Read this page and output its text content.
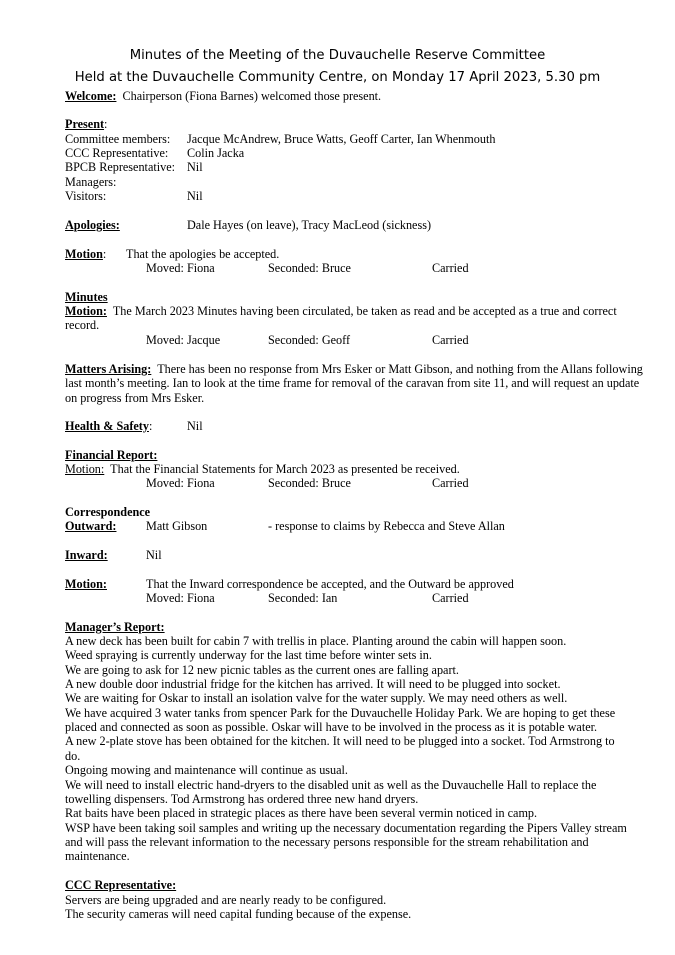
Minutes of the Meeting of the Duvauchelle Reserve Committee
Held at the Duvauchelle Community Centre, on Monday 17 April 2023, 5.30 pm
Welcome: Chairperson (Fiona Barnes) welcomed those present.
Present:
Committee members: Jacque McAndrew, Bruce Watts, Geoff Carter, Ian Whenmouth
CCC Representative: Colin Jacka
BPCB Representative: Nil
Managers:
Visitors:	Nil
Apologies:	Dale Hayes (on leave), Tracy MacLeod (sickness)
Motion: That the apologies be accepted.
Moved: Fiona	Seconded: Bruce	Carried
Minutes
Motion: The March 2023 Minutes having been circulated, be taken as read and be accepted as a true and correct record.
Moved: Jacque	Seconded: Geoff	Carried
Matters Arising: There has been no response from Mrs Esker or Matt Gibson, and nothing from the Allans following last month’s meeting. Ian to look at the time frame for removal of the caravan from site 11, and will request an update on progress from Mrs Esker.
Health & Safety:	Nil
Financial Report:
Motion: That the Financial Statements for March 2023 as presented be received.
Moved: Fiona	Seconded: Bruce	Carried
Correspondence
Outward: Matt Gibson	- response to claims by Rebecca and Steve Allan
Inward:	Nil
Motion:	That the Inward correspondence be accepted, and the Outward be approved
Moved: Fiona	Seconded: Ian	Carried
Manager’s Report:
A new deck has been built for cabin 7 with trellis in place. Planting around the cabin will happen soon.
Weed spraying is currently underway for the last time before winter sets in.
We are going to ask for 12 new picnic tables as the current ones are falling apart.
A new double door industrial fridge for the kitchen has arrived. It will need to be plugged into socket.
We are waiting for Oskar to install an isolation valve for the water supply. We may need others as well.
We have acquired 3 water tanks from spencer Park for the Duvauchelle Holiday Park. We are hoping to get these
placed and connected as soon as possible. Oskar will have to be involved in the process as it is potable water.
A new 2-plate stove has been obtained for the kitchen. It will need to be plugged into a socket. Tod Armstrong to
do.
Ongoing mowing and maintenance will continue as usual.
We will need to install electric hand-dryers to the disabled unit as well as the Duvauchelle Hall to replace the
towelling dispensers. Tod Armstrong has ordered three new hand dryers.
Rat baits have been placed in strategic places as there have been several vermin noticed in camp.
WSP have been taking soil samples and writing up the necessary documentation regarding the Pipers Valley stream
and will pass the relevant information to the necessary persons responsible for the stream rehabilitation and
maintenance.
CCC Representative:
Servers are being upgraded and are nearly ready to be configured.
The security cameras will need capital funding because of the expense.
